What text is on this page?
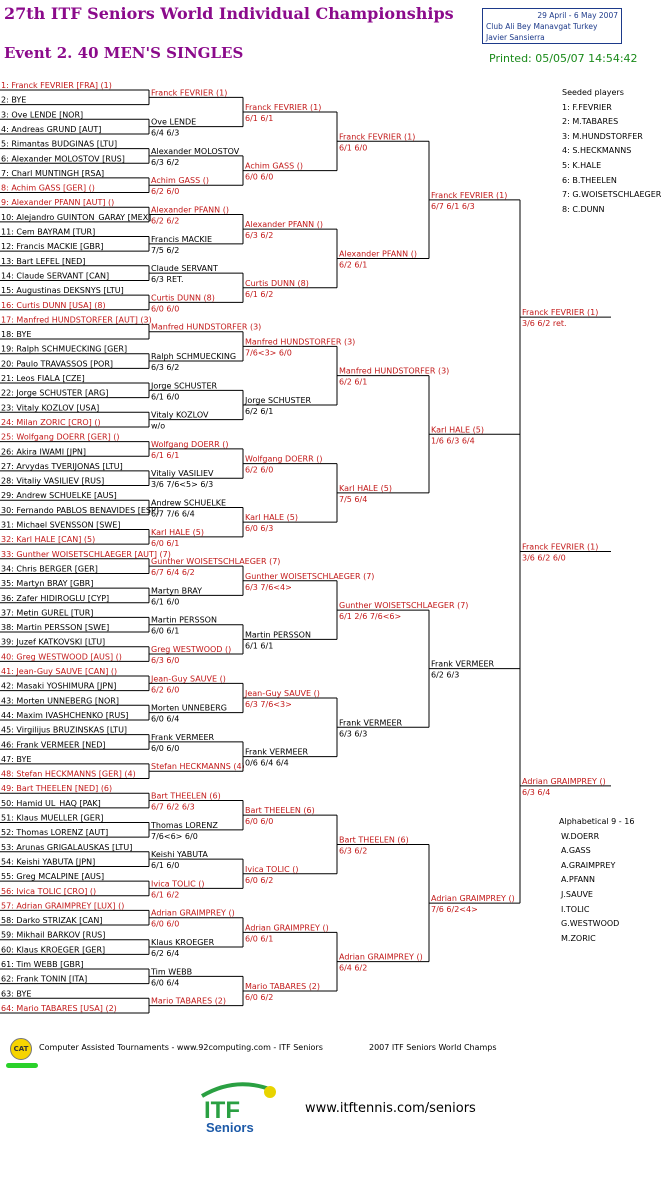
27th ITF Seniors World Individual Championships
Event 2. 40 MEN'S SINGLES
29 April - 6 May 2007
Club Ali Bey Manavgat Turkey
Javier Sansierra
Printed: 05/05/07 14:54:42
1: Franck FEVRIER [FRA] (1)
2: BYE
3: Ove LENDE [NOR]
4: Andreas GRUND [AUT]
5: Rimantas BUDGINAS [LTU]
6: Alexander MOLOSTOV [RUS]
7: Charl MUNTINGH [RSA]
8: Achim GASS [GER] ()
9: Alexander PFANN [AUT] ()
10: Alejandro GUINTON_GARAY [MEX]
11: Cem BAYRAM [TUR]
12: Francis MACKIE [GBR]
13: Bart LEFEL [NED]
14: Claude SERVANT [CAN]
15: Augustinas DEKSNYS [LTU]
16: Curtis DUNN [USA] (8)
17: Manfred HUNDSTORFER [AUT] (3)
18: BYE
19: Ralph SCHMUECKING [GER]
20: Paulo TRAVASSOS [POR]
21: Leos FIALA [CZE]
22: Jorge SCHUSTER [ARG]
23: Vitaly KOZLOV [USA]
24: Milan ZORIC [CRO] ()
25: Wolfgang DOERR [GER] ()
26: Akira IWAMI [JPN]
27: Arvydas TVERIJONAS [LTU]
28: Vitaliy VASILIEV [RUS]
29: Andrew SCHUELKE [AUS]
30: Fernando PABLOS BENAVIDES [ESP]
31: Michael SVENSSON [SWE]
32: Karl HALE [CAN] (5)
33: Gunther WOISETSCHLAEGER [AUT] (7)
34: Chris BERGER [GER]
35: Martyn BRAY [GBR]
36: Zafer HIDIROGLU [CYP]
37: Metin GUREL [TUR]
38: Martin PERSSON [SWE]
39: Juzef KATKOVSKI [LTU]
40: Greg WESTWOOD [AUS] ()
41: Jean-Guy SAUVE [CAN] ()
42: Masaki YOSHIMURA [JPN]
43: Morten UNNEBERG [NOR]
44: Maxim IVASHCHENKO [RUS]
45: Virgilijus BRUZINSKAS [LTU]
46: Frank VERMEER [NED]
47: BYE
48: Stefan HECKMANNS [GER] (4)
49: Bart THEELEN [NED] (6)
50: Hamid UL_HAQ [PAK]
51: Klaus MUELLER [GER]
52: Thomas LORENZ [AUT]
53: Arunas GRIGALAUSKAS [LTU]
54: Keishi YABUTA [JPN]
55: Greg MCALPINE [AUS]
56: Ivica TOLIC [CRO] ()
57: Adrian GRAIMPREY [LUX] ()
58: Darko STRIZAK [CAN]
59: Mikhail BARKOV [RUS]
60: Klaus KROEGER [GER]
61: Tim WEBB [GBR]
62: Frank TONIN [ITA]
63: BYE
64: Mario TABARES [USA] (2)
Franck FEVRIER (1)
Ove LENDE
6/4 6/3
Alexander MOLOSTOV
6/3 6/2
Achim GASS ()
6/2 6/0
Alexander PFANN ()
6/2 6/2
Francis MACKIE
7/5 6/2
Claude SERVANT
6/3 RET.
Curtis DUNN (8)
6/0 6/0
Manfred HUNDSTORFER (3)
Ralph SCHMUECKING
6/3 6/2
Jorge SCHUSTER
6/1 6/0
Vitaly KOZLOV
w/o
Wolfgang DOERR ()
6/1 6/1
Vitaliy VASILIEV
3/6 7/6<5> 6/3
Andrew SCHUELKE
6/7 7/6 6/4
Karl HALE (5)
6/0 6/1
Gunther WOISETSCHLAEGER (7)
6/7 6/4 6/2
Martyn BRAY
6/1 6/0
Martin PERSSON
6/0 6/1
Greg WESTWOOD ()
6/3 6/0
Jean-Guy SAUVE ()
6/2 6/0
Morten UNNEBERG
6/0 6/4
Frank VERMEER
6/0 6/0
Stefan HECKMANNS (4)
Bart THEELEN (6)
6/7 6/2 6/3
Thomas LORENZ
7/6<6> 6/0
Keishi YABUTA
6/1 6/0
Ivica TOLIC ()
6/1 6/2
Adrian GRAIMPREY ()
6/0 6/0
Klaus KROEGER
6/2 6/4
Tim WEBB
6/0 6/4
Mario TABARES (2)
Franck FEVRIER (1)
6/1 6/1
Achim GASS ()
6/0 6/0
Alexander PFANN ()
6/3 6/2
Curtis DUNN (8)
6/1 6/2
Manfred HUNDSTORFER (3)
7/6<3> 6/0
Jorge SCHUSTER
6/2 6/1
Wolfgang DOERR ()
6/2 6/0
Karl HALE (5)
6/0 6/3
Gunther WOISETSCHLAEGER (7)
6/3 7/6<4>
Martin PERSSON
6/1 6/1
Jean-Guy SAUVE ()
6/3 7/6<3>
Frank VERMEER
0/6 6/4 6/4
Bart THEELEN (6)
6/0 6/0
Ivica TOLIC ()
6/0 6/2
Adrian GRAIMPREY ()
6/0 6/1
Mario TABARES (2)
6/0 6/2
Franck FEVRIER (1)
6/1 6/0
Alexander PFANN ()
6/2 6/1
Manfred HUNDSTORFER (3)
6/2 6/1
Karl HALE (5)
7/5 6/4
Gunther WOISETSCHLAEGER (7)
6/1 2/6 7/6<6>
Frank VERMEER
6/3 6/3
Bart THEELEN (6)
6/3 6/2
Adrian GRAIMPREY ()
6/4 6/2
Franck FEVRIER (1)
6/7 6/1 6/3
Karl HALE (5)
1/6 6/3 6/4
Frank VERMEER
6/2 6/3
Adrian GRAIMPREY ()
7/6 6/2<4>
Franck FEVRIER (1)
3/6 6/2 ret.
Adrian GRAIMPREY ()
6/3 6/4
Franck FEVRIER (1)
3/6 6/2 6/0
Seeded players
1: F.FEVRIER
2: M.TABARES
3: M.HUNDSTORFER
4: S.HECKMANNS
5: K.HALE
6: B.THEELEN
7: G.WOISETSCHLAEGER
8: C.DUNN
Alphabetical 9 - 16
W.DOERR
A.GASS
A.GRAIMPREY
A.PFANN
J.SAUVE
I.TOLIC
G.WESTWOOD
M.ZORIC
CAT	Computer Assisted Tournaments - www.92computing.com - ITF Seniors	2007 ITF Seniors World Champs
ITF
Seniors
www.itftennis.com/seniors
